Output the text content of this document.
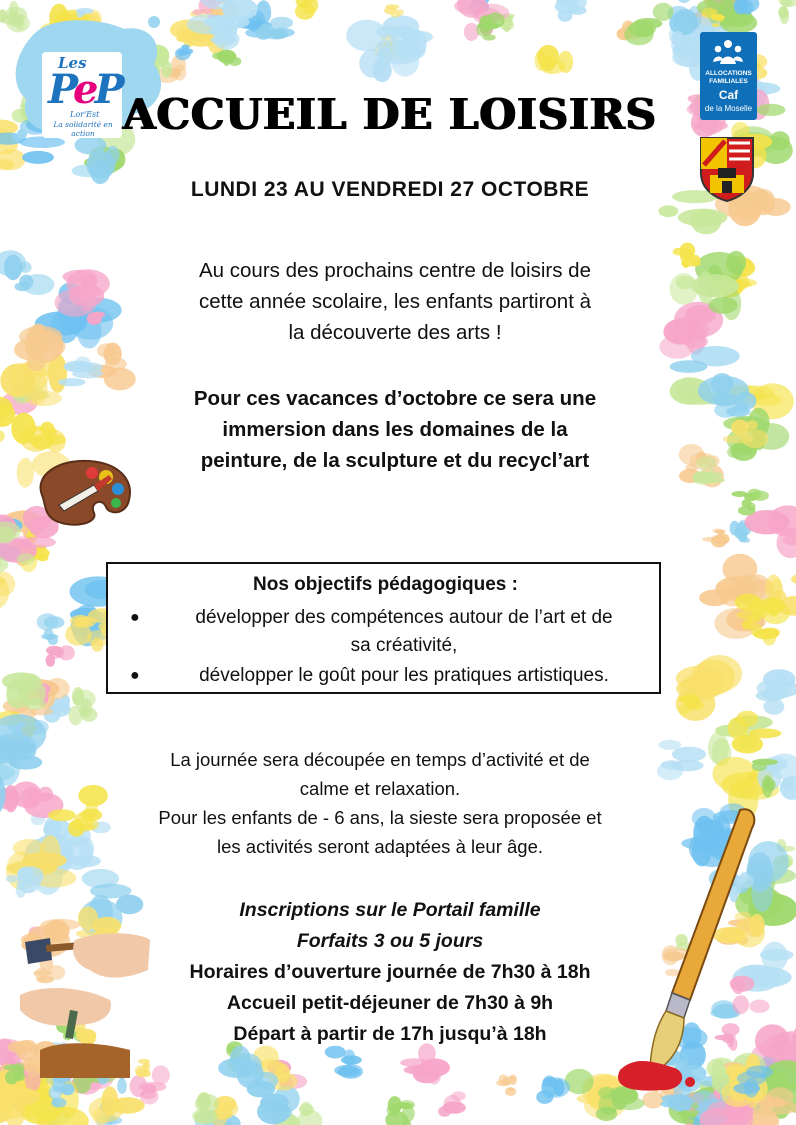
Les
PeP
Lor'Est
La solidarité en action
ALLOCATIONS
FAMILIALES
Caf
de la Moselle
ACCUEIL DE LOISIRS
LUNDI 23 AU VENDREDI 27 OCTOBRE

Au cours des prochains centre de loisirs de

cette année scolaire, les enfants partiront à

la découverte des arts !

Pour ces vacances d’octobre ce sera une

immersion dans les domaines de la

peinture, de la sculpture et du recycl’art

Nos objectifs pédagogiques :
●	développer des compétences autour de l’art et de
sa créativité,
●	développer le goût pour les pratiques artistiques.

La journée sera découpée en temps d’activité et de

calme et relaxation.

Pour les enfants de - 6 ans, la sieste sera proposée et

les activités seront adaptées à leur âge.

Inscriptions sur le Portail famille

Forfaits 3 ou 5 jours

Horaires d’ouverture journée de 7h30 à 18h

Accueil petit-déjeuner de 7h30 à 9h

Départ à partir de 17h jusqu’à 18h
